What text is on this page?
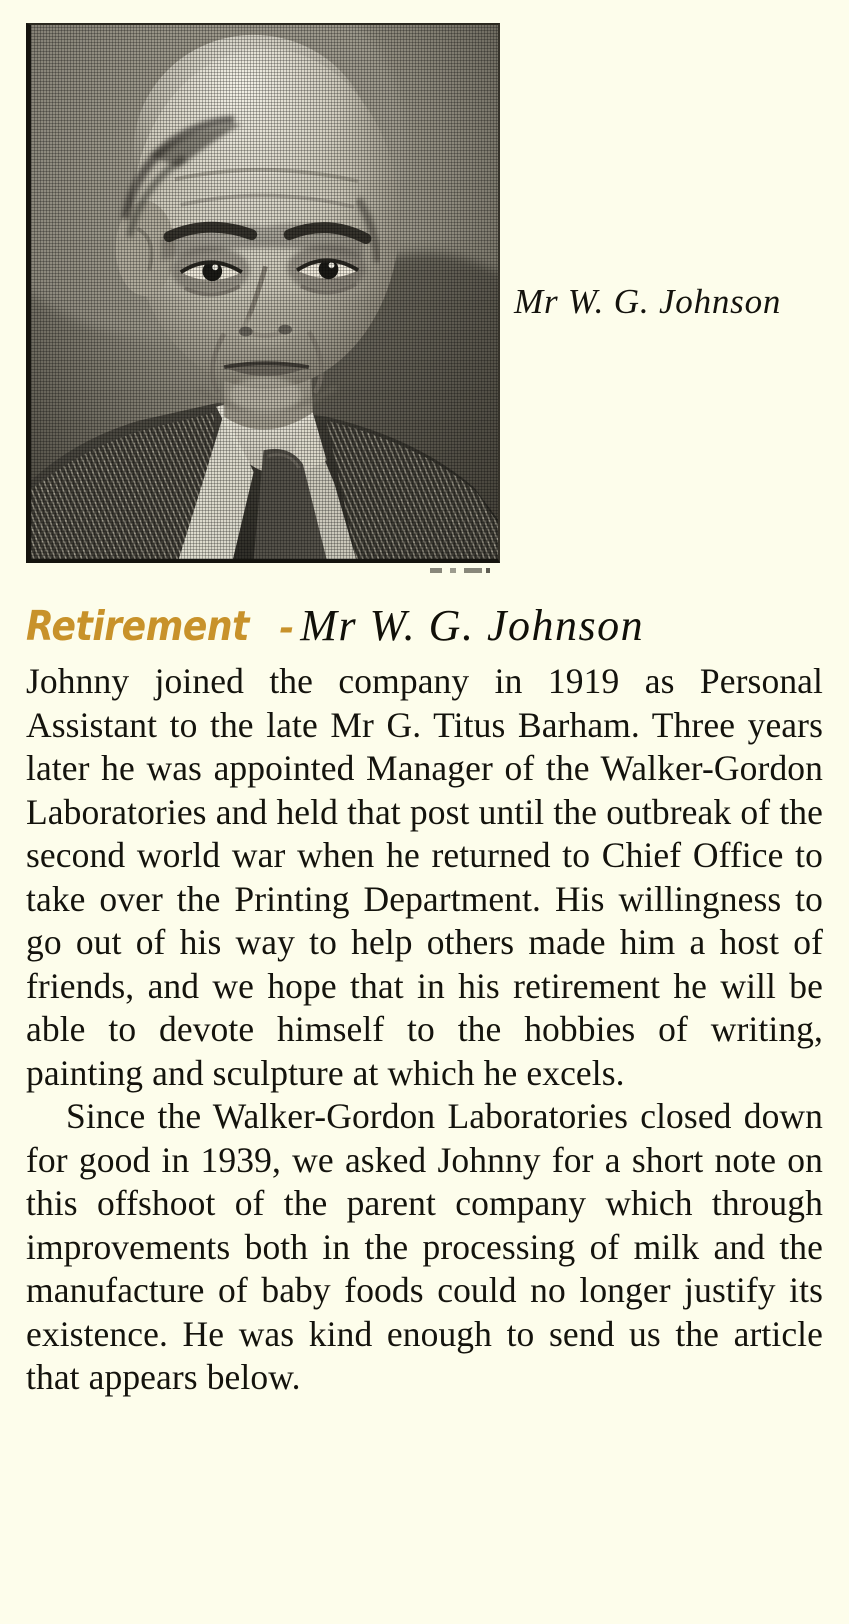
Mr W. G. Johnson
Retirement - Mr W. G. Johnson

Johnny joined the company in 1919 as Personal Assistant to the late Mr G. Titus Barham. Three years later he was appointed Manager of the Walker-Gordon Laboratories and held that post until the outbreak of the second world war when he returned to Chief Office to take over the Printing Department. His willingness to go out of his way to help others made him a host of friends, and we hope that in his retirement he will be able to devote himself to the hobbies of writing, painting and sculpture at which he excels.

Since the Walker-Gordon Laboratories closed down for good in 1939, we asked Johnny for a short note on this offshoot of the parent company which through improvements both in the processing of milk and the manufacture of baby foods could no longer justify its existence. He was kind enough to send us the article that appears below.
